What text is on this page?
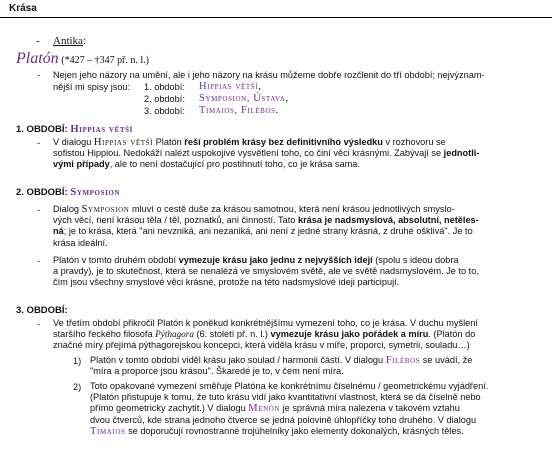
Krása
- Antika:
Platón (*427 – †347 př. n. l.)
- Nejen jeho názory na umění, ale i jeho názory na krásu můžeme dobře rozčlenit do tří období; nejvýznam-
nější mi spisy jsou: 1. období: Hippias větší,
2. období: Symposion, Ústava,
3. období: Timaios, Filébos.
1. OBDOBÍ: Hippias větší
- V dialogu Hippias větší Platón řeší problém krásy bez definitivního výsledku v rozhovoru se
sofistou Hippiou. Nedokáží nalézt uspokojivé vysvětlení toho, co činí věci krásnými. Zabývají se jednotli-
vými případy, ale to není dostačující pro postihnutí toho, co je krása sama.
2. OBDOBÍ: Symposion
- Dialog Symposion mluví o cestě duše za krásou samotnou, která není krásou jednotlivých smyslo-
vých věcí, není krásou těla / těl, poznatků, ani činností. Tato krása je nadsmyslová, absolutní, netěles-
ná; je to krása, která "ani nevzniká, ani nezaniká, ani není z jedné strany krásná, z druhé ošklivá". Je to
krása ideální.
- Platón v tomto druhém období vymezuje krásu jako jednu z nejvyšších idejí (spolu s ideou dobra
a pravdy), je to skutečnost, která se nenalézá ve smyslovém světě, ale ve světě nadsmyslovém. Je to to,
čím jsou všechny smyslové věci krásné, protože na této nadsmyslové ideji participují.
3. OBDOBÍ:
- Ve třetím období přikročil Platón k poněkud konkrétnějšímu vymezení toho, co je krása. V duchu myšlení
staršího řeckého filosofa Pýthagora (6. století př. n. l.) vymezuje krásu jako pořádek a míru. (Platón do
značné míry přejímá pýthagorejskou koncepci, která viděla krásu v míře, proporci, symetrii, souladu…)
1) Platón v tomto období viděl krásu jako soulad / harmonii částí. V dialogu Filébos se uvádí, že
"míra a proporce jsou krásou". Škaredé je to, v čem není míra.
2) Toto opakované vymezení směřuje Platóna ke konkrétnímu číselnému / geometrickému vyjádření.
(Platón přistupuje k tomu, že tuto krásu vidí jako kvantitativní vlastnost, která se dá číselně nebo
přímo geometricky zachytit.) V dialogu Menón je správná míra nalezena v takovém vztahu
dvou čtverců, kde strana jednoho čtverce se jedná polovině úhlopříčky toho druhého. V dialogu
Timaios se doporučují rovnostranné trojúhelníky jako elementy dokonalých, krásných těles.
